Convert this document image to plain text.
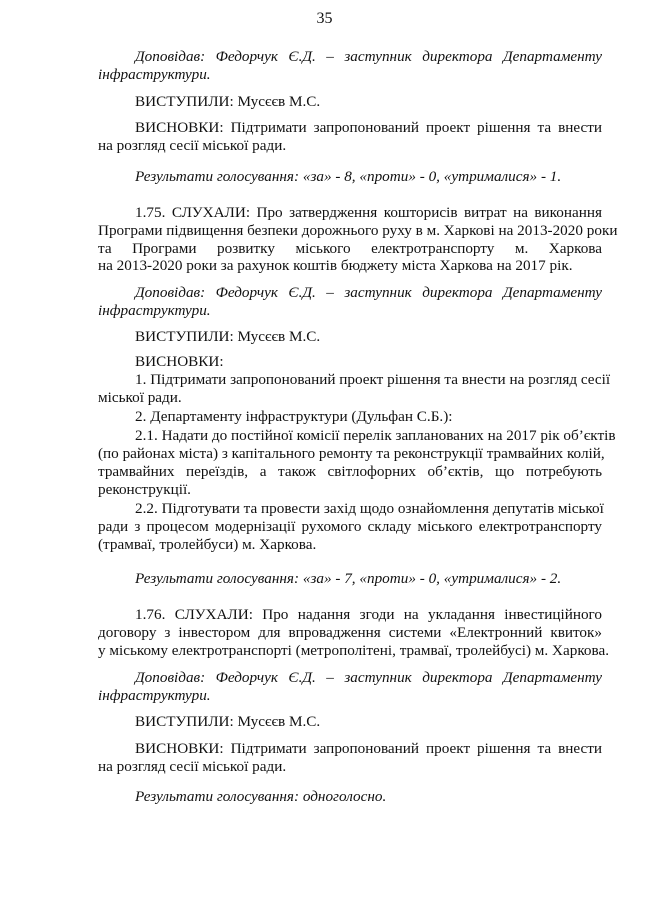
35
Доповідав: Федорчук Є.Д. – заступник директора Департаменту
інфраструктури.
ВИСТУПИЛИ: Мусєєв М.С.
ВИСНОВКИ: Підтримати запропонований проект рішення та внести
на розгляд сесії міської ради.
Результати голосування: «за» - 8, «проти» - 0, «утрималися» - 1.
1.75. СЛУХАЛИ: Про затвердження кошторисів витрат на виконання
Програми підвищення безпеки дорожнього руху в м. Харкові на 2013-2020 роки
та Програми розвитку міського електротранспорту м. Харкова
на 2013-2020 роки за рахунок коштів бюджету міста Харкова на 2017 рік.
Доповідав: Федорчук Є.Д. – заступник директора Департаменту
інфраструктури.
ВИСТУПИЛИ: Мусєєв М.С.
ВИСНОВКИ:
1. Підтримати запропонований проект рішення та внести на розгляд сесії
міської ради.
2. Департаменту інфраструктури (Дульфан С.Б.):
2.1. Надати до постійної комісії перелік запланованих на 2017 рік об’єктів
(по районах міста) з капітального ремонту та реконструкції трамвайних колій,
трамвайних переїздів, а також світлофорних об’єктів, що потребують
реконструкції.
2.2. Підготувати та провести захід щодо ознайомлення депутатів міської
ради з процесом модернізації рухомого складу міського електротранспорту
(трамваї, тролейбуси) м. Харкова.
Результати голосування: «за» - 7, «проти» - 0, «утрималися» - 2.
1.76. СЛУХАЛИ: Про надання згоди на укладання інвестиційного
договору з інвестором для впровадження системи «Електронний квиток»
у міському електротранспорті (метрополітені, трамваї, тролейбусі) м. Харкова.
Доповідав: Федорчук Є.Д. – заступник директора Департаменту
інфраструктури.
ВИСТУПИЛИ: Мусєєв М.С.
ВИСНОВКИ: Підтримати запропонований проект рішення та внести
на розгляд сесії міської ради.
Результати голосування: одноголосно.
